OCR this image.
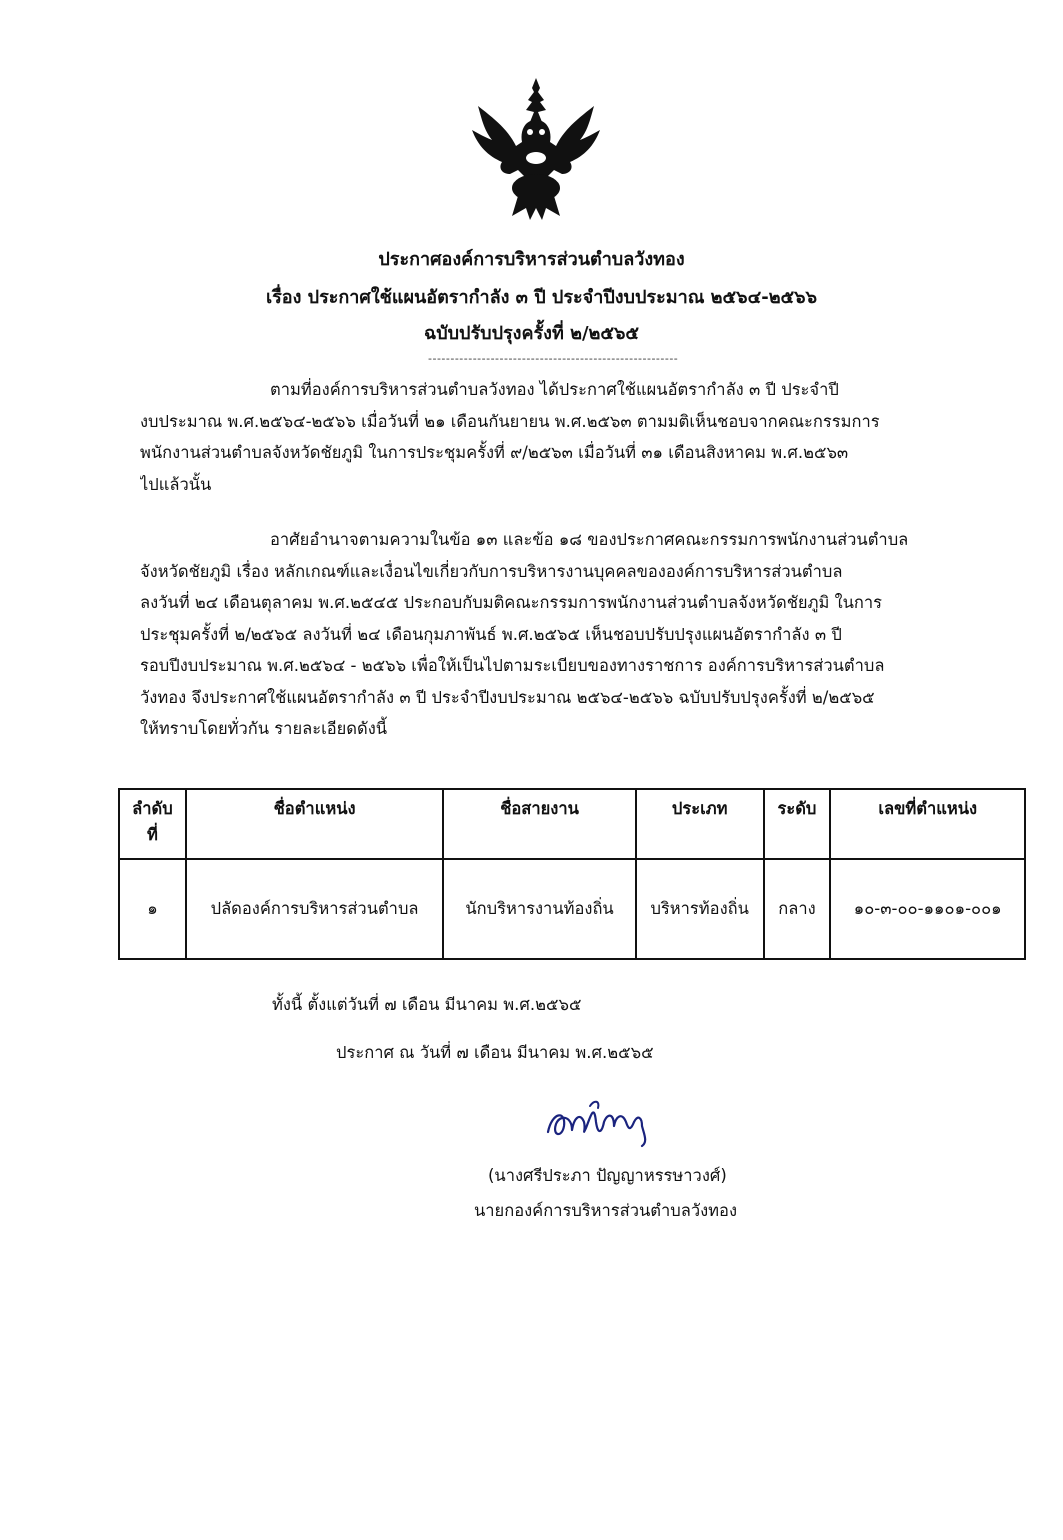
ประกาศองค์การบริหารส่วนตำบลวังทอง
เรื่อง ประกาศใช้แผนอัตรากำลัง ๓ ปี ประจำปีงบประมาณ ๒๕๖๔-๒๕๖๖
ฉบับปรับปรุงครั้งที่ ๒/๒๕๖๕
--------------------------------------------------------
ตามที่องค์การบริหารส่วนตำบลวังทอง ได้ประกาศใช้แผนอัตรากำลัง ๓ ปี ประจำปี
งบประมาณ พ.ศ.๒๕๖๔-๒๕๖๖ เมื่อวันที่ ๒๑ เดือนกันยายน พ.ศ.๒๕๖๓ ตามมติเห็นชอบจากคณะกรรมการ
พนักงานส่วนตำบลจังหวัดชัยภูมิ ในการประชุมครั้งที่ ๙/๒๕๖๓ เมื่อวันที่ ๓๑ เดือนสิงหาคม พ.ศ.๒๕๖๓
ไปแล้วนั้น
อาศัยอำนาจตามความในข้อ ๑๓ และข้อ ๑๘ ของประกาศคณะกรรมการพนักงานส่วนตำบล
จังหวัดชัยภูมิ เรื่อง หลักเกณฑ์และเงื่อนไขเกี่ยวกับการบริหารงานบุคคลขององค์การบริหารส่วนตำบล
ลงวันที่ ๒๔ เดือนตุลาคม พ.ศ.๒๕๔๕ ประกอบกับมติคณะกรรมการพนักงานส่วนตำบลจังหวัดชัยภูมิ ในการ
ประชุมครั้งที่ ๒/๒๕๖๕ ลงวันที่ ๒๔ เดือนกุมภาพันธ์ พ.ศ.๒๕๖๕ เห็นชอบปรับปรุงแผนอัตรากำลัง ๓ ปี
รอบปีงบประมาณ พ.ศ.๒๕๖๔ - ๒๕๖๖ เพื่อให้เป็นไปตามระเบียบของทางราชการ องค์การบริหารส่วนตำบล
วังทอง จึงประกาศใช้แผนอัตรากำลัง ๓ ปี ประจำปีงบประมาณ ๒๕๖๔-๒๕๖๖ ฉบับปรับปรุงครั้งที่ ๒/๒๕๖๕
ให้ทราบโดยทั่วกัน รายละเอียดดังนี้
ลำดับ ที่	ชื่อตำแหน่ง	ชื่อสายงาน	ประเภท	ระดับ	เลขที่ตำแหน่ง
๑	ปลัดองค์การบริหารส่วนตำบล	นักบริหารงานท้องถิ่น	บริหารท้องถิ่น	กลาง	๑๐-๓-๐๐-๑๑๐๑-๐๐๑
ทั้งนี้ ตั้งแต่วันที่ ๗ เดือน มีนาคม พ.ศ.๒๕๖๕
ประกาศ ณ วันที่ ๗ เดือน มีนาคม พ.ศ.๒๕๖๕
(นางศรีประภา ปัญญาหรรษาวงศ์)
นายกองค์การบริหารส่วนตำบลวังทอง
